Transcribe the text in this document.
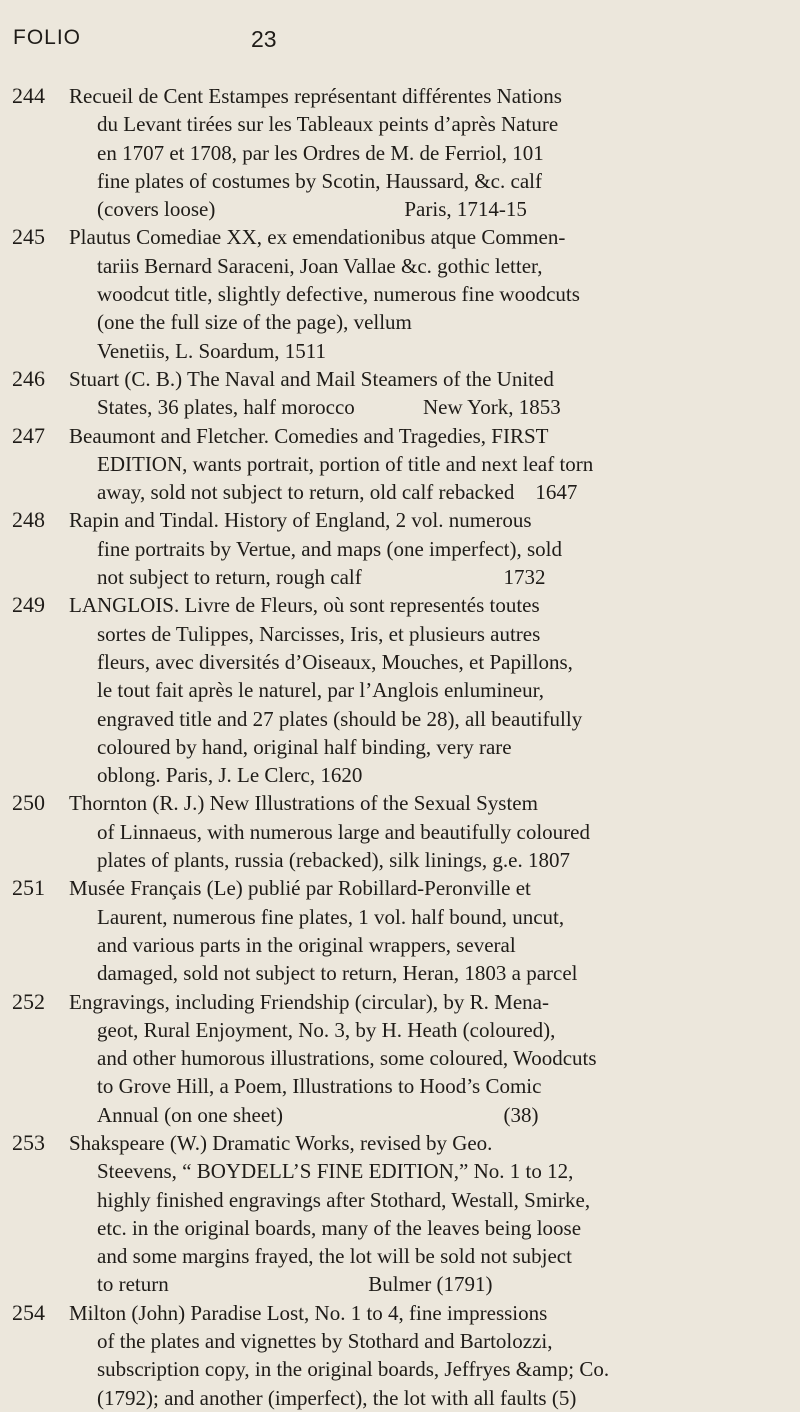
FOLIO	23
244	Recueil de Cent Estampes représentant différentes Nations
du Levant tirées sur les Tableaux peints d’après Nature
en 1707 et 1708, par les Ordres de M. de Ferriol, 101
fine plates of costumes by Scotin, Haussard, &c. calf
(covers loose)                                    Paris, 1714-15
245	Plautus Comediae XX, ex emendationibus atque Commen-
tariis Bernard Saraceni, Joan Vallae &c. gothic letter,
woodcut title, slightly defective, numerous fine woodcuts
(one the full size of the page), vellum
Venetiis, L. Soardum, 1511
246	Stuart (C. B.) The Naval and Mail Steamers of the United
States, 36 plates, half morocco             New York, 1853
247	Beaumont and Fletcher. Comedies and Tragedies, FIRST
EDITION, wants portrait, portion of title and next leaf torn
away, sold not subject to return, old calf rebacked    1647
248	Rapin and Tindal. History of England, 2 vol. numerous
fine portraits by Vertue, and maps (one imperfect), sold
not subject to return, rough calf                           1732
249	LANGLOIS. Livre de Fleurs, où sont representés toutes
sortes de Tulippes, Narcisses, Iris, et plusieurs autres
fleurs, avec diversités d’Oiseaux, Mouches, et Papillons,
le tout fait après le naturel, par l’Anglois enlumineur,
engraved title and 27 plates (should be 28), all beautifully
coloured by hand, original half binding, very rare
oblong. Paris, J. Le Clerc, 1620
250	Thornton (R. J.) New Illustrations of the Sexual System
of Linnaeus, with numerous large and beautifully coloured
plates of plants, russia (rebacked), silk linings, g.e. 1807
251	Musée Français (Le) publié par Robillard-Peronville et
Laurent, numerous fine plates, 1 vol. half bound, uncut,
and various parts in the original wrappers, several
damaged, sold not subject to return, Heran, 1803 a parcel
252	Engravings, including Friendship (circular), by R. Mena-
geot, Rural Enjoyment, No. 3, by H. Heath (coloured),
and other humorous illustrations, some coloured, Woodcuts
to Grove Hill, a Poem, Illustrations to Hood’s Comic
Annual (on one sheet)                                          (38)
253	Shakspeare (W.) Dramatic Works, revised by Geo.
Steevens, “ BOYDELL’S FINE EDITION,” No. 1 to 12,
highly finished engravings after Stothard, Westall, Smirke,
etc. in the original boards, many of the leaves being loose
and some margins frayed, the lot will be sold not subject
to return                                      Bulmer (1791)
254	Milton (John) Paradise Lost, No. 1 to 4, fine impressions
of the plates and vignettes by Stothard and Bartolozzi,
subscription copy, in the original boards, Jeffryes &amp; Co.
(1792); and another (imperfect), the lot with all faults (5)
